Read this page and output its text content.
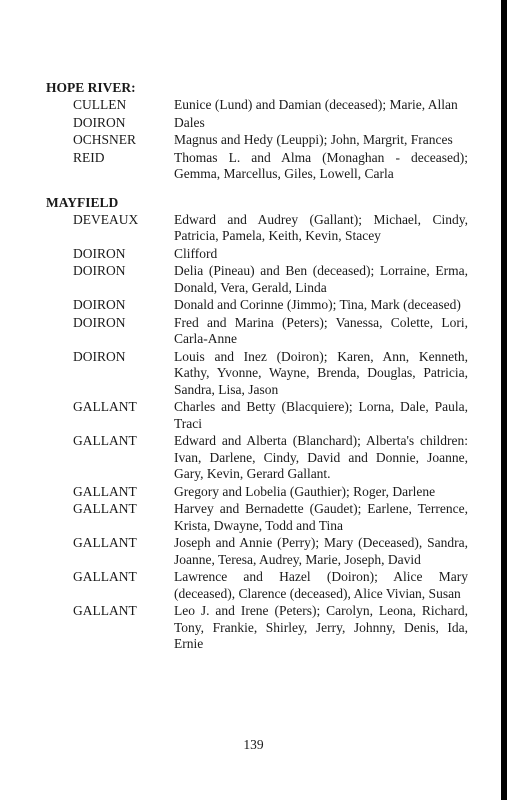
HOPE RIVER:

CULLEN	Eunice (Lund) and Damian (deceased); Marie, Allan
DOIRON	Dales
OCHSNER	Magnus and Hedy (Leuppi); John, Margrit, Frances
REID	Thomas L. and Alma (Monaghan - deceased); Gemma, Marcellus, Giles, Lowell, Carla

MAYFIELD

DEVEAUX	Edward and Audrey (Gallant); Michael, Cindy, Patricia, Pamela, Keith, Kevin, Stacey
DOIRON	Clifford
DOIRON	Delia (Pineau) and Ben (deceased); Lorraine, Erma, Donald, Vera, Gerald, Linda
DOIRON	Donald and Corinne (Jimmo); Tina, Mark (deceased)
DOIRON	Fred and Marina (Peters); Vanessa, Colette, Lori, Carla-Anne
DOIRON	Louis and Inez (Doiron); Karen, Ann, Kenneth, Kathy, Yvonne, Wayne, Brenda, Douglas, Patricia, Sandra, Lisa, Jason
GALLANT	Charles and Betty (Blacquiere); Lorna, Dale, Paula, Traci
GALLANT	Edward and Alberta (Blanchard); Alberta's children: Ivan, Darlene, Cindy, David and Donnie, Joanne, Gary, Kevin, Gerard Gallant.
GALLANT	Gregory and Lobelia (Gauthier); Roger, Darlene
GALLANT	Harvey and Bernadette (Gaudet); Earlene, Terrence, Krista, Dwayne, Todd and Tina
GALLANT	Joseph and Annie (Perry); Mary (Deceased), Sandra, Joanne, Teresa, Audrey, Marie, Joseph, David
GALLANT	Lawrence and Hazel (Doiron); Alice Mary (deceased), Clarence (deceased), Alice Vivian, Susan
GALLANT	Leo J. and Irene (Peters); Carolyn, Leona, Richard, Tony, Frankie, Shirley, Jerry, Johnny, Denis, Ida, Ernie
139
